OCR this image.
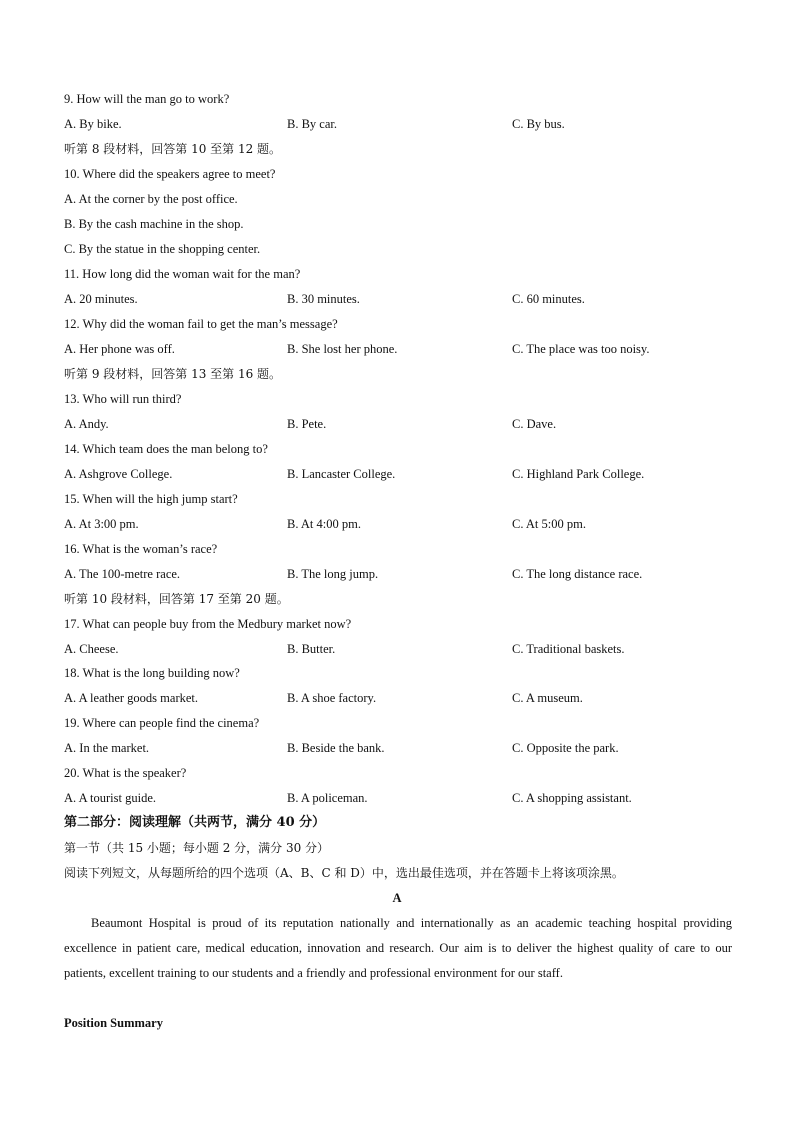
9. How will the man go to work?
A. By bike.	B. By car.	C. By bus.
听第 8 段材料，回答第 10 至第 12 题。
10. Where did the speakers agree to meet?
A. At the corner by the post office.
B. By the cash machine in the shop.
C. By the statue in the shopping center.
11. How long did the woman wait for the man?
A. 20 minutes.	B. 30 minutes.	C. 60 minutes.
12. Why did the woman fail to get the man’s message?
A. Her phone was off.	B. She lost her phone.	C. The place was too noisy.
听第 9 段材料，回答第 13 至第 16 题。
13. Who will run third?
A. Andy.	B. Pete.	C. Dave.
14. Which team does the man belong to?
A. Ashgrove College.	B. Lancaster College.	C. Highland Park College.
15. When will the high jump start?
A. At 3:00 pm.	B. At 4:00 pm.	C. At 5:00 pm.
16. What is the woman’s race?
A. The 100-metre race.	B. The long jump.	C. The long distance race.
听第 10 段材料，回答第 17 至第 20 题。
17. What can people buy from the Medbury market now?
A. Cheese.	B. Butter.	C. Traditional baskets.
18. What is the long building now?
A. A leather goods market.	B. A shoe factory.	C. A museum.
19. Where can people find the cinema?
A. In the market.	B. Beside the bank.	C. Opposite the park.
20. What is the speaker?
A. A tourist guide.	B. A policeman.	C. A shopping assistant.
第二部分：阅读理解（共两节，满分 40 分）
第一节（共 15 小题；每小题 2 分，满分 30 分）
阅读下列短文，从每题所给的四个选项（A、B、C 和 D）中，选出最佳选项，并在答题卡上将该项涂黑。
A

Beaumont Hospital is proud of its reputation nationally and internationally as an academic teaching hospital providing excellence in patient care, medical education, innovation and research. Our aim is to deliver the highest quality of care to our patients, excellent training to our students and a friendly and professional environment for our staff.

Position Summary
